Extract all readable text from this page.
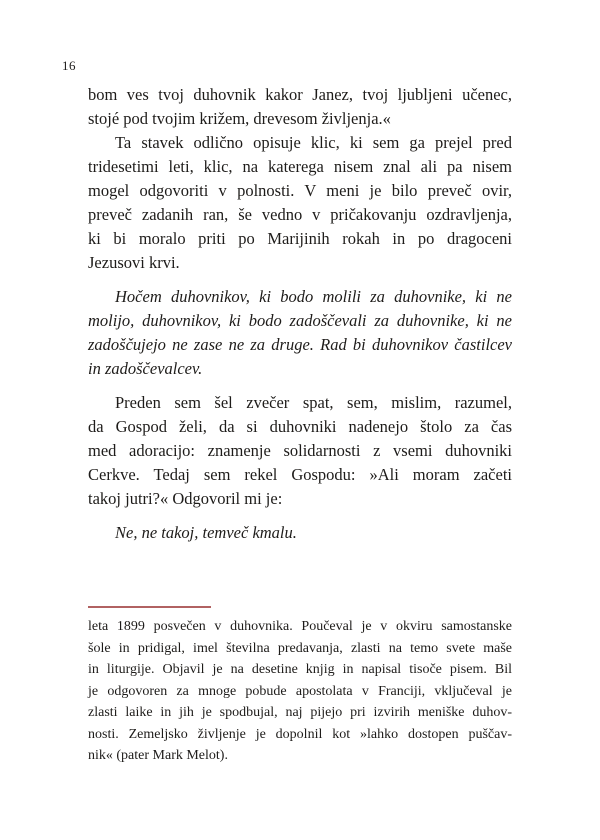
16
bom ves tvoj duhovnik kakor Janez, tvoj ljubljeni učenec,
stojé pod tvojim križem, drevesom življenja.«
Ta stavek odlično opisuje klic, ki sem ga prejel pred
tridesetimi leti, klic, na katerega nisem znal ali pa nisem
mogel odgovoriti v polnosti. V meni je bilo preveč ovir,
preveč zadanih ran, še vedno v pričakovanju ozdravljenja,
ki bi moralo priti po Marijinih rokah in po dragoceni
Jezusovi krvi.
Hočem duhovnikov, ki bodo molili za duhovnike, ki ne
molijo, duhovnikov, ki bodo zadoščevali za duhovnike, ki ne
zadoščujejo ne zase ne za druge. Rad bi duhovnikov častilcev
in zadoščevalcev.
Preden sem šel zvečer spat, sem, mislim, razumel,
da Gospod želi, da si duhovniki nadenejo štolo za čas
med adoracijo: znamenje solidarnosti z vsemi duhovniki
Cerkve. Tedaj sem rekel Gospodu: »Ali moram začeti
takoj jutri?« Odgovoril mi je:
Ne, ne takoj, temveč kmalu.
leta 1899 posvečen v duhovnika. Poučeval je v okviru samostanske
šole in pridigal, imel številna predavanja, zlasti na temo svete maše
in liturgije. Objavil je na desetine knjig in napisal tisoče pisem. Bil
je odgovoren za mnoge pobude apostolata v Franciji, vključeval je
zlasti laike in jih je spodbujal, naj pijejo pri izvirih meniške duhov-
nosti. Zemeljsko življenje je dopolnil kot »lahko dostopen puščav-
nik« (pater Mark Melot).
